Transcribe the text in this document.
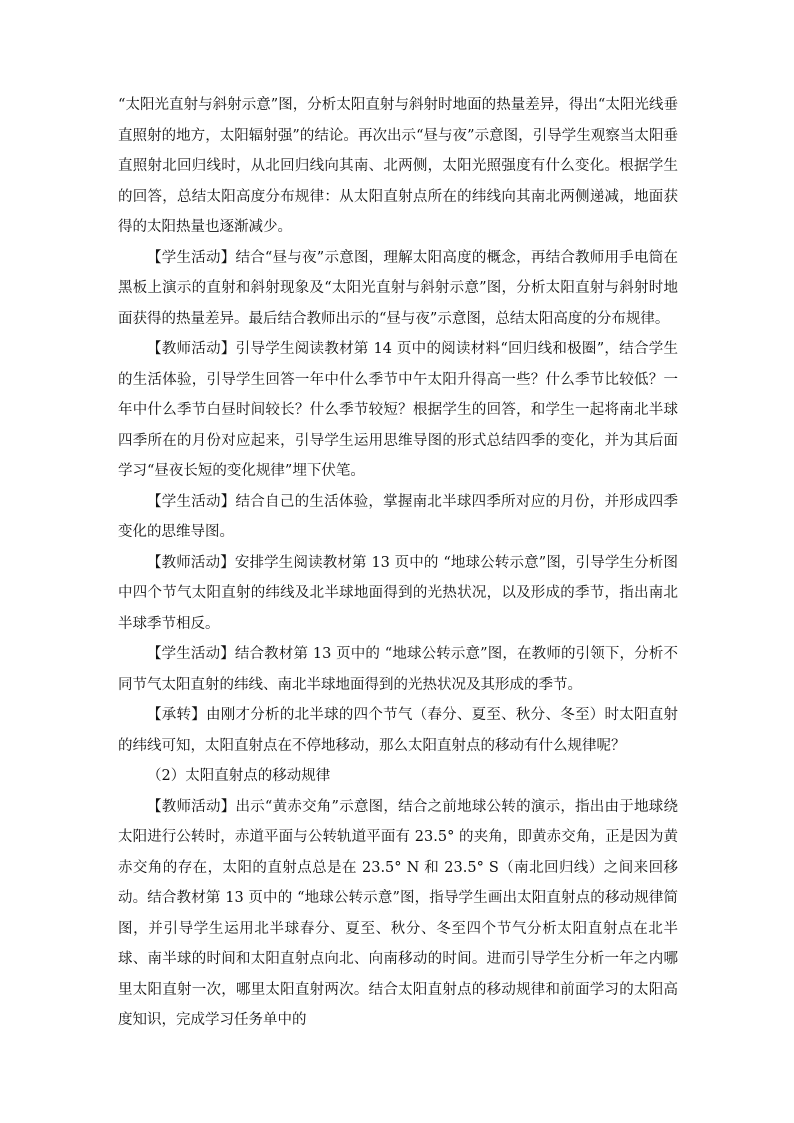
“太阳光直射与斜射示意”图，分析太阳直射与斜射时地面的热量差异，得出“太阳光线垂直照射的地方，太阳辐射强”的结论。再次出示“昼与夜”示意图，引导学生观察当太阳垂直照射北回归线时，从北回归线向其南、北两侧，太阳光照强度有什么变化。根据学生的回答，总结太阳高度分布规律：从太阳直射点所在的纬线向其南北两侧递减，地面获得的太阳热量也逐渐减少。

【学生活动】结合“昼与夜”示意图，理解太阳高度的概念，再结合教师用手电筒在黑板上演示的直射和斜射现象及“太阳光直射与斜射示意”图，分析太阳直射与斜射时地面获得的热量差异。最后结合教师出示的“昼与夜”示意图，总结太阳高度的分布规律。

【教师活动】引导学生阅读教材第 14 页中的阅读材料“回归线和极圈”，结合学生的生活体验，引导学生回答一年中什么季节中午太阳升得高一些？什么季节比较低？一年中什么季节白昼时间较长？什么季节较短？根据学生的回答，和学生一起将南北半球四季所在的月份对应起来，引导学生运用思维导图的形式总结四季的变化，并为其后面学习“昼夜长短的变化规律”埋下伏笔。

【学生活动】结合自己的生活体验，掌握南北半球四季所对应的月份，并形成四季变化的思维导图。

【教师活动】安排学生阅读教材第 13 页中的 “地球公转示意”图，引导学生分析图中四个节气太阳直射的纬线及北半球地面得到的光热状况，以及形成的季节，指出南北半球季节相反。

【学生活动】结合教材第 13 页中的 “地球公转示意”图，在教师的引领下，分析不同节气太阳直射的纬线、南北半球地面得到的光热状况及其形成的季节。

【承转】由刚才分析的北半球的四个节气（春分、夏至、秋分、冬至）时太阳直射的纬线可知，太阳直射点在不停地移动，那么太阳直射点的移动有什么规律呢？

（2）太阳直射点的移动规律

【教师活动】出示“黄赤交角”示意图，结合之前地球公转的演示，指出由于地球绕太阳进行公转时，赤道平面与公转轨道平面有 23.5° 的夹角，即黄赤交角，正是因为黄赤交角的存在，太阳的直射点总是在 23.5° N 和 23.5° S（南北回归线）之间来回移动。结合教材第 13 页中的 “地球公转示意”图，指导学生画出太阳直射点的移动规律简图，并引导学生运用北半球春分、夏至、秋分、冬至四个节气分析太阳直射点在北半球、南半球的时间和太阳直射点向北、向南移动的时间。进而引导学生分析一年之内哪里太阳直射一次，哪里太阳直射两次。结合太阳直射点的移动规律和前面学习的太阳高度知识，完成学习任务单中的
